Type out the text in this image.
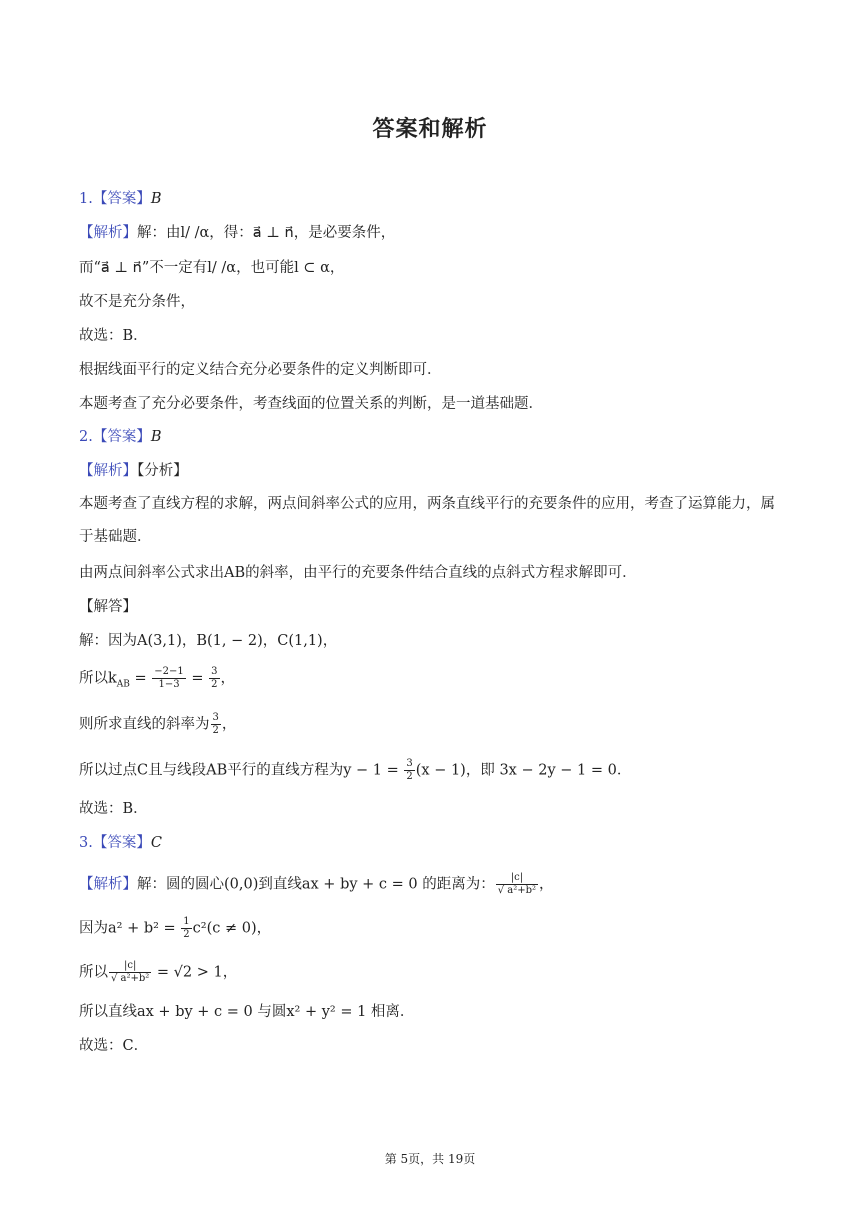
答案和解析
1.【答案】B
【解析】解：由l/ /α，得：a⃗ ⊥ n⃗，是必要条件，
而“a⃗ ⊥ n⃗”不一定有l/ /α，也可能l ⊂ α，
故不是充分条件，
故选：B．
根据线面平行的定义结合充分必要条件的定义判断即可．
本题考查了充分必要条件，考查线面的位置关系的判断，是一道基础题．
2.【答案】B
【解析】【分析】
本题考查了直线方程的求解，两点间斜率公式的应用，两条直线平行的充要条件的应用，考查了运算能力，属于基础题．
由两点间斜率公式求出AB的斜率，由平行的充要条件结合直线的点斜式方程求解即可．
【解答】
解：因为A(3,1)，B(1, − 2)，C(1,1)，
所以$k_{AB} = \frac{-2-1}{1-3} = \frac{3}{2}$ ，
则所求直线的斜率为 $\frac{3}{2}$ ，
所以过点C且与线段AB平行的直线方程为$y - 1 = \frac{3}{2} (x - 1)$，即 3x − 2y − 1 = 0．
故选：B．
3.【答案】C
【解析】解：圆的圆心(0,0)到直线ax + by + c = 0 的距离为： $\frac{|c|}{\text{√ a²+b²}}$ ，
因为$a^2 + b^2 = \frac{1}{2} c^2(c \ne 0)$，
所以 $\frac{|c|}{\text{√ a²+b²}} = √2 > 1$，
所以直线ax + by + c = 0 与圆x² + y² = 1 相离．
故选：C．
第 5页，共 19页
